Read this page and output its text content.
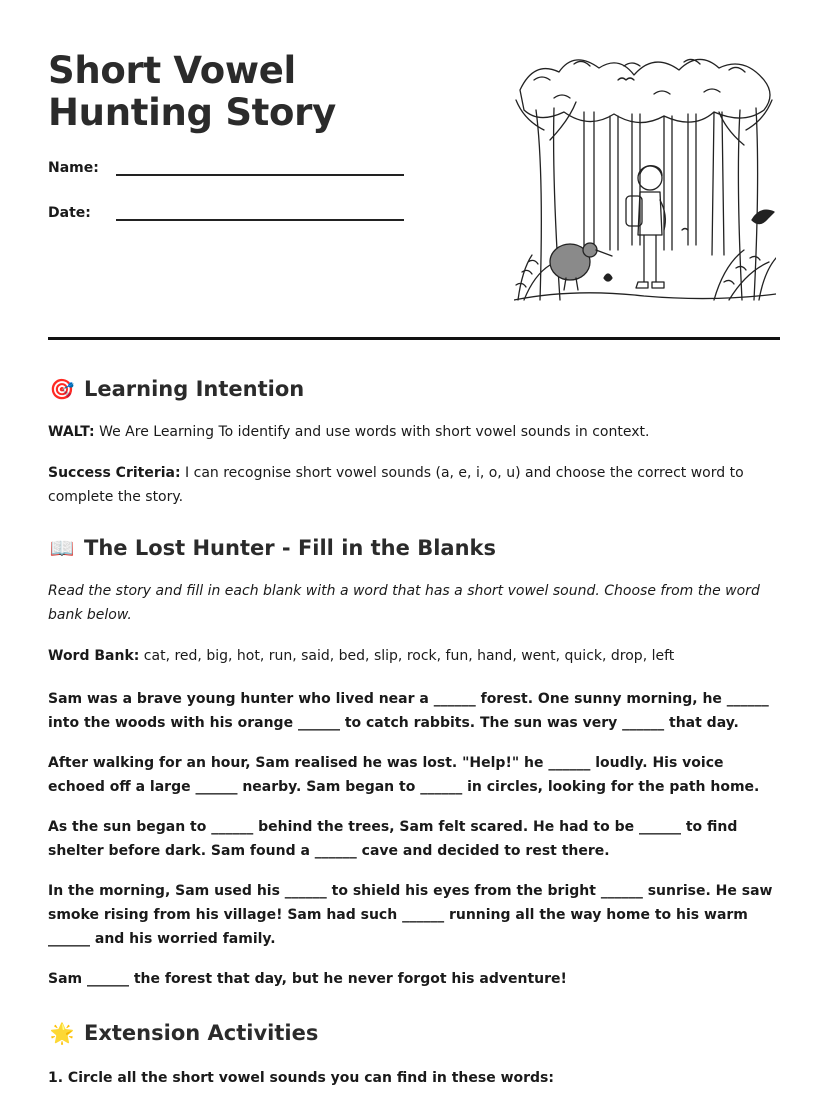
Short Vowel Hunting Story
Name:
Date:
🎯 Learning Intention

WALT: We Are Learning To identify and use words with short vowel sounds in context.

Success Criteria: I can recognise short vowel sounds (a, e, i, o, u) and choose the correct word to complete the story.

📖 The Lost Hunter - Fill in the Blanks

Read the story and fill in each blank with a word that has a short vowel sound. Choose from the word bank below.

Word Bank: cat, red, big, hot, run, said, bed, slip, rock, fun, hand, went, quick, drop, left

Sam was a brave young hunter who lived near a ______ forest. One sunny morning, he ______ into the woods with his orange ______ to catch rabbits. The sun was very ______ that day.

After walking for an hour, Sam realised he was lost. "Help!" he ______ loudly. His voice echoed off a large ______ nearby. Sam began to ______ in circles, looking for the path home.

As the sun began to ______ behind the trees, Sam felt scared. He had to be ______ to find shelter before dark. Sam found a ______ cave and decided to rest there.

In the morning, Sam used his ______ to shield his eyes from the bright ______ sunrise. He saw smoke rising from his village! Sam had such ______ running all the way home to his warm ______ and his worried family.

Sam ______ the forest that day, but he never forgot his adventure!

🌟 Extension Activities

1. Circle all the short vowel sounds you can find in these words:
